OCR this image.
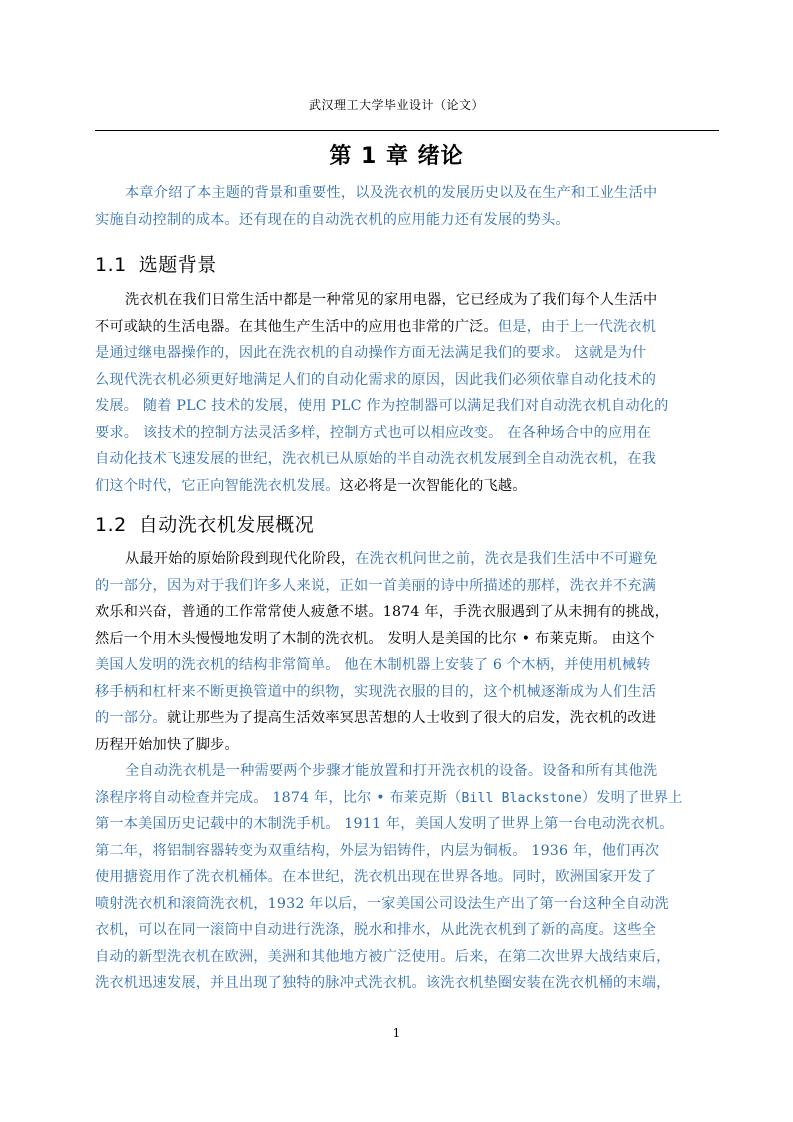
武汉理工大学毕业设计（论文）
第 1 章 绪论
本章介绍了本主题的背景和重要性，以及洗衣机的发展历史以及在生产和工业生活中
实施自动控制的成本。还有现在的自动洗衣机的应用能力还有发展的势头。
1.1 选题背景
洗衣机在我们日常生活中都是一种常见的家用电器，它已经成为了我们每个人生活中
不可或缺的生活电器。在其他生产生活中的应用也非常的广泛。但是，由于上一代洗衣机
是通过继电器操作的，因此在洗衣机的自动操作方面无法满足我们的要求。 这就是为什
么现代洗衣机必须更好地满足人们的自动化需求的原因，因此我们必须依靠自动化技术的
发展。 随着 PLC 技术的发展，使用 PLC 作为控制器可以满足我们对自动洗衣机自动化的
要求。 该技术的控制方法灵活多样，控制方式也可以相应改变。 在各种场合中的应用在
自动化技术飞速发展的世纪，洗衣机已从原始的半自动洗衣机发展到全自动洗衣机，在我
们这个时代，它正向智能洗衣机发展。这必将是一次智能化的飞越。
1.2 自动洗衣机发展概况
从最开始的原始阶段到现代化阶段，在洗衣机问世之前，洗衣是我们生活中不可避免
的一部分，因为对于我们许多人来说，正如一首美丽的诗中所描述的那样，洗衣并不充满
欢乐和兴奋，普通的工作常常使人疲惫不堪。1874 年，手洗衣服遇到了从未拥有的挑战，
然后一个用木头慢慢地发明了木制的洗衣机。 发明人是美国的比尔 • 布莱克斯。 由这个
美国人发明的洗衣机的结构非常简单。 他在木制机器上安装了 6 个木柄，并使用机械转
移手柄和杠杆来不断更换管道中的织物，实现洗衣服的目的，这个机械逐渐成为人们生活
的一部分。就让那些为了提高生活效率冥思苦想的人士收到了很大的启发，洗衣机的改进
历程开始加快了脚步。
全自动洗衣机是一种需要两个步骤才能放置和打开洗衣机的设备。设备和所有其他洗
涤程序将自动检查并完成。 1874 年，比尔 • 布莱克斯（Bill Blackstone）发明了世界上
第一本美国历史记载中的木制洗手机。 1911 年，美国人发明了世界上第一台电动洗衣机。
第二年，将铝制容器转变为双重结构，外层为铝铸件，内层为铜板。 1936 年，他们再次
使用搪瓷用作了洗衣机桶体。在本世纪，洗衣机出现在世界各地。同时，欧洲国家开发了
喷射洗衣机和滚筒洗衣机，1932 年以后，一家美国公司设法生产出了第一台这种全自动洗
衣机，可以在同一滚筒中自动进行洗涤，脱水和排水，从此洗衣机到了新的高度。这些全
自动的新型洗衣机在欧洲，美洲和其他地方被广泛使用。后来，在第二次世界大战结束后，
洗衣机迅速发展，并且出现了独特的脉冲式洗衣机。该洗衣机垫圈安装在洗衣机桶的末端，
1
